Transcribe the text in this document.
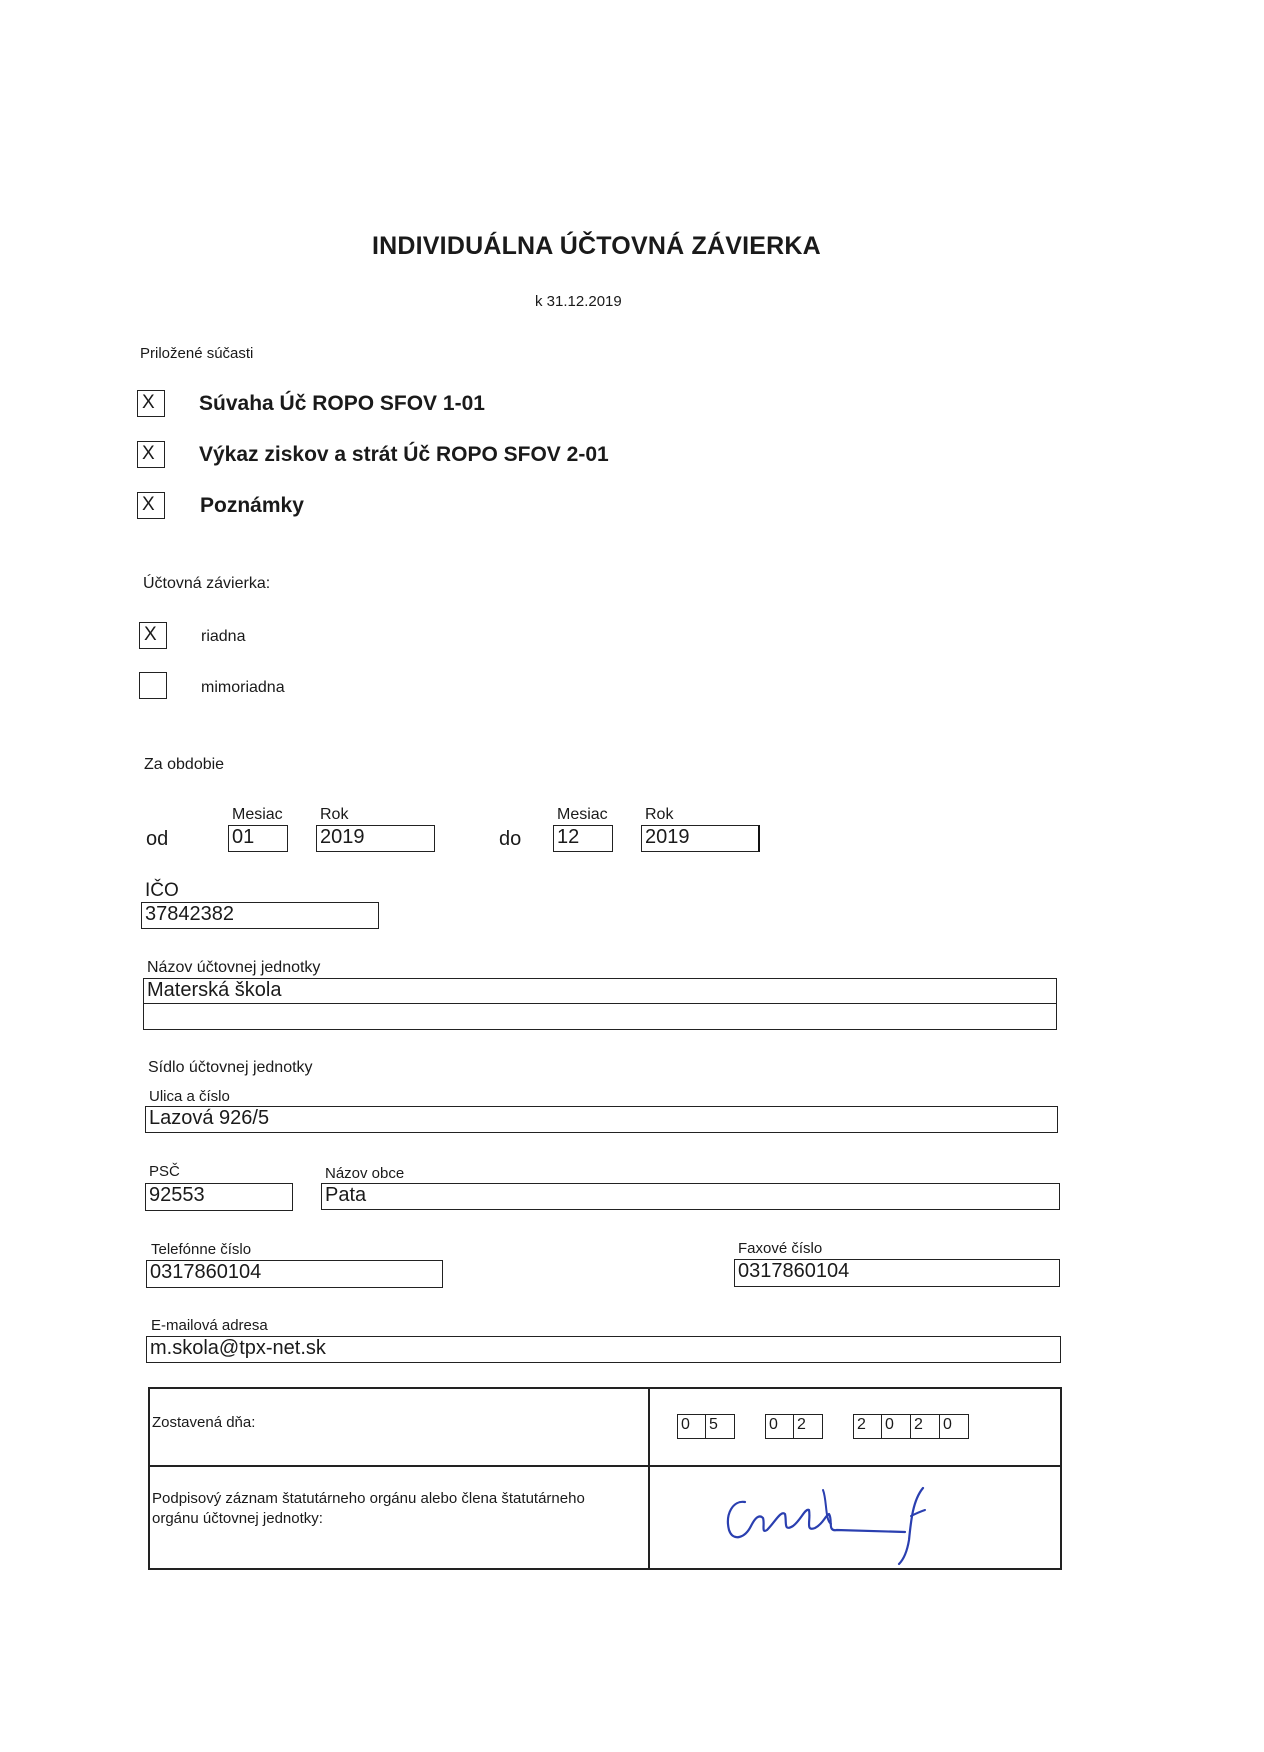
INDIVIDUÁLNA ÚČTOVNÁ ZÁVIERKA
k 31.12.2019
Priložené súčasti
X	Súvaha Úč ROPO SFOV 1-01
X	Výkaz ziskov a strát Úč ROPO SFOV 2-01
X	Poznámky
Účtovná závierka:
X	riadna
mimoriadna
Za obdobie
Mesiac Rok	Mesiac Rok
od	01	2019	do 12	2019
IČO
37842382
Názov účtovnej jednotky
Materská škola
Sídlo účtovnej jednotky
Ulica a číslo
Lazová 926/5
PSČ	Názov obce
92553	Pata
Telefónne číslo
0317860104
Faxové číslo
0317860104
E-mailová adresa
m.skola@tpx-net.sk
Zostavená dňa:	0	5	0	2	2	0	2	0
Podpisový záznam štatutárneho orgánu alebo člena štatutárneho
orgánu účtovnej jednotky:
